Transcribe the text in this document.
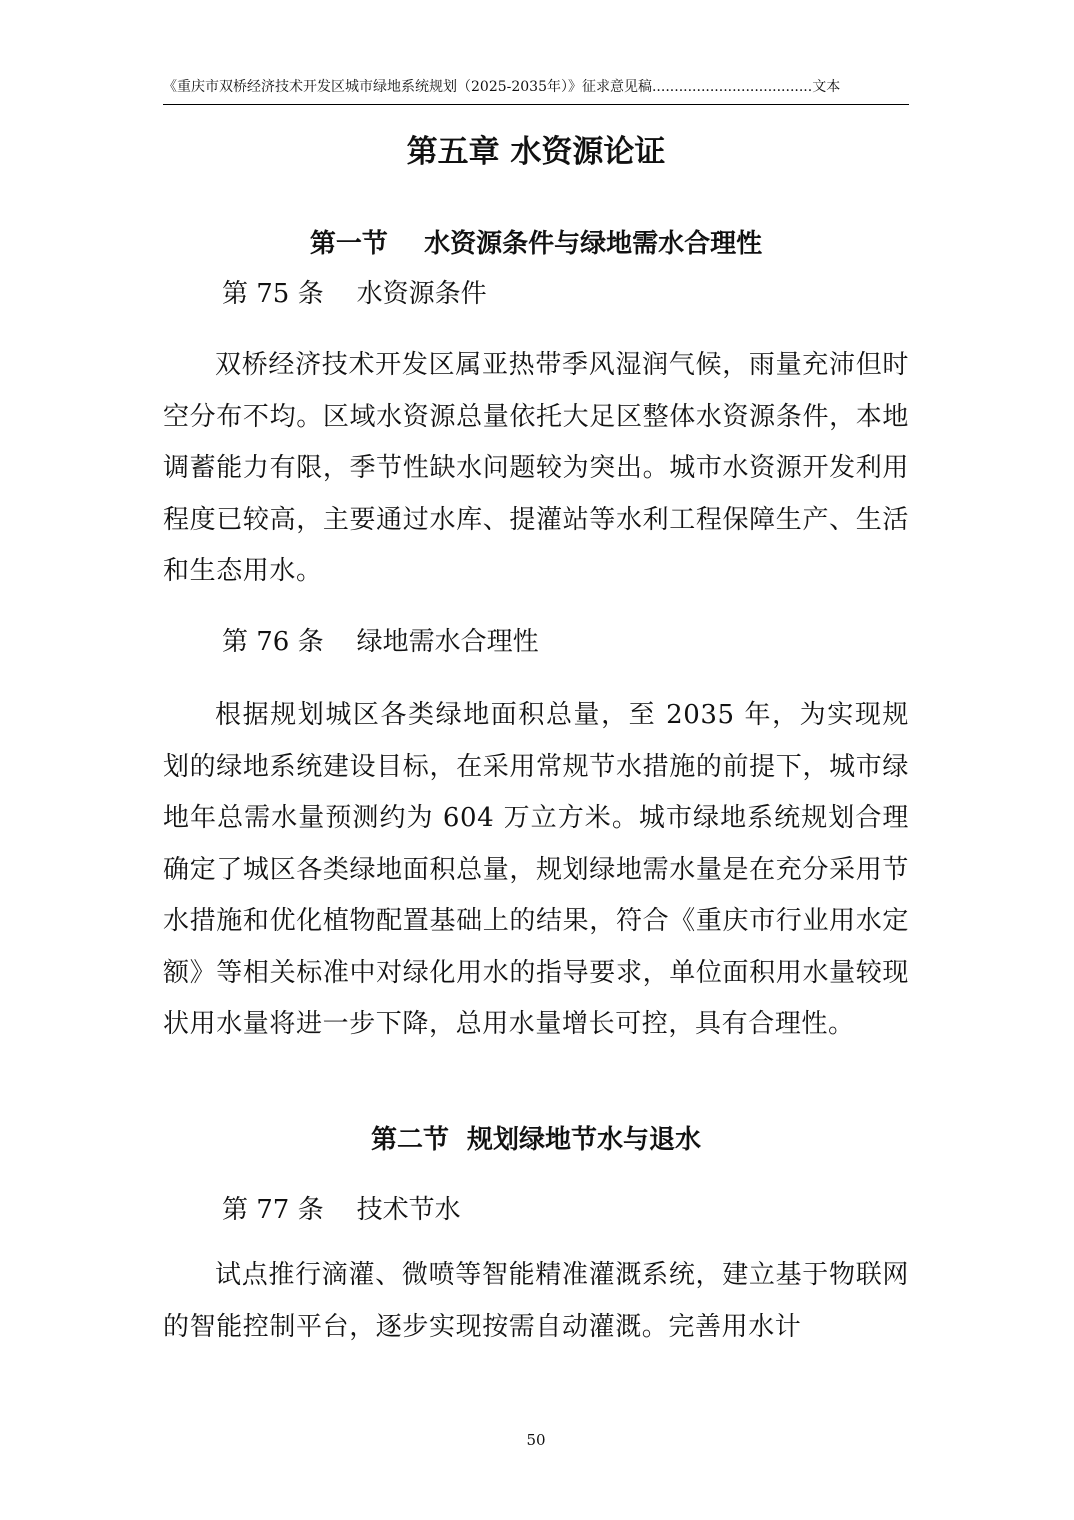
《重庆市双桥经济技术开发区城市绿地系统规划（2025-2035年）》征求意见稿....................................文本
第五章 水资源论证
第一节    水资源条件与绿地需水合理性
第 75 条    水资源条件

双桥经济技术开发区属亚热带季风湿润气候，雨量充沛但时空分布不均。区域水资源总量依托大足区整体水资源条件，本地调蓄能力有限，季节性缺水问题较为突出。城市水资源开发利用程度已较高，主要通过水库、提灌站等水利工程保障生产、生活和生态用水。

第 76 条    绿地需水合理性

根据规划城区各类绿地面积总量，至 2035 年，为实现规划的绿地系统建设目标，在采用常规节水措施的前提下，城市绿地年总需水量预测约为 604 万立方米。城市绿地系统规划合理确定了城区各类绿地面积总量，规划绿地需水量是在充分采用节水措施和优化植物配置基础上的结果，符合《重庆市行业用水定额》等相关标准中对绿化用水的指导要求，单位面积用水量较现状用水量将进一步下降，总用水量增长可控，具有合理性。

第二节  规划绿地节水与退水
第 77 条    技术节水

试点推行滴灌、微喷等智能精准灌溉系统，建立基于物联网的智能控制平台，逐步实现按需自动灌溉。完善用水计

50
